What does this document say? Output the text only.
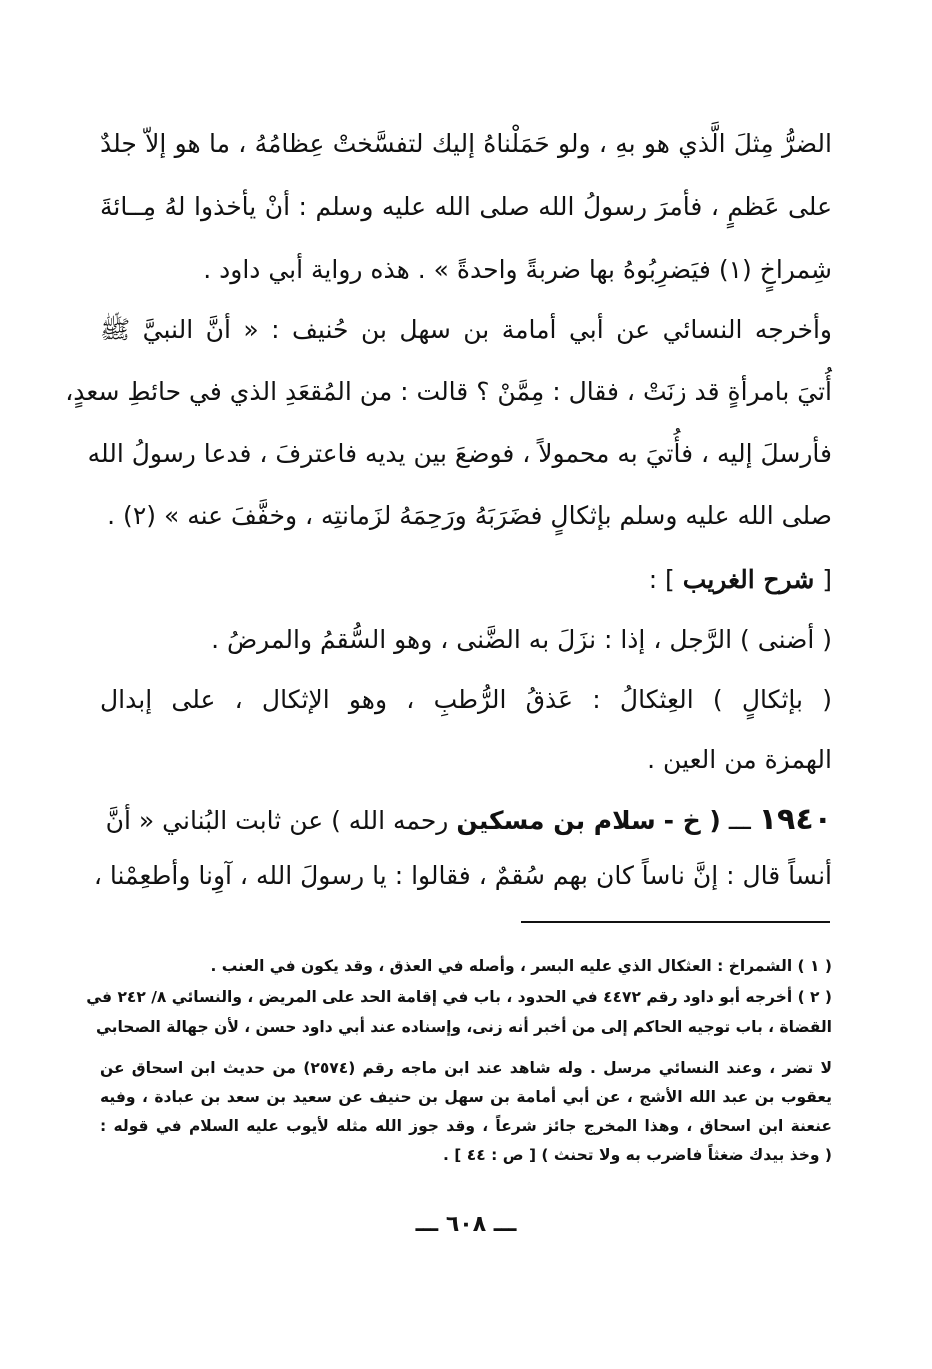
الضرُّ مِثلَ الَّذي هو بهِ ، ولو حَمَلْناهُ إليك لتفسَّختْ عِظامُهُ ، ما هو إلاّ جلدٌ
على عَظمٍ ، فأمرَ رسولُ الله صلى الله عليه وسلم : أنْ يأخذوا لهُ مِــائةَ
شِمراخٍ (١) فيَضرِبُوهُ بها ضربةً واحدةً » . هذه رواية أبي داود .
وأخرجه النسائي عن أبي أمامة بن سهل بن حُنيف : « أنَّ النبيَّ ﷺ
أُتيَ بامرأةٍ قد زنَتْ ، فقال : مِمَّنْ ؟ قالت : من المُقعَدِ الذي في حائطِ سعدٍ،
فأرسلَ إليه ، فأُتيَ به محمولاً ، فوضعَ بين يديه فاعترفَ ، فدعا رسولُ الله
صلى الله عليه وسلم بإثكالٍ فضَرَبَهُ ورَحِمَهُ لزَمانتِه ، وخفَّفَ عنه » (٢) .
[ شرح الغريب ] :
( أضنى ) الرَّجل ، إذا : نزَلَ به الضَّنى ، وهو السُّقمُ والمرضُ .
( بإثكالٍ ) العِثكالُ : عَذقُ الرُّطبِ ، وهو الإثكال ، على إبدال
الهمزة من العين .
١٩٤٠ ـــ ( خ - سلام بن مسكين رحمه الله ) عن ثابت البُناني « أنَّ
أنساً قال : إنَّ ناساً كان بهم سُقمٌ ، فقالوا : يا رسولَ الله ، آوِنا وأطعِمْنا ،
( ١ ) الشمراخ : العثكال الذي عليه البسر ، وأصله في العذق ، وقد يكون في العنب .
( ٢ ) أخرجه أبو داود رقم ٤٤٧٢ في الحدود ، باب في إقامة الحد على المريض ، والنسائي ٨/ ٢٤٢ في
القضاة ، باب توجيه الحاكم إلى من أخبر أنه زنى، وإسناده عند أبي داود حسن ، لأن جهالة الصحابي
لا تضر ، وعند النسائي مرسل . وله شاهد عند ابن ماجه رقم (٢٥٧٤) من حديث ابن اسحاق عن
يعقوب بن عبد الله الأشج ، عن أبي أمامة بن سهل بن حنيف عن سعيد بن سعد بن عبادة ، وفيه
عنعنة ابن اسحاق ، وهذا المخرج جائز شرعاً ، وقد جوز الله مثله لأيوب عليه السلام في قوله :
( وخذ بيدك ضغثاً فاضرب به ولا تحنث ) [ ص : ٤٤ ] .
ـــ ٦٠٨ ـــ
